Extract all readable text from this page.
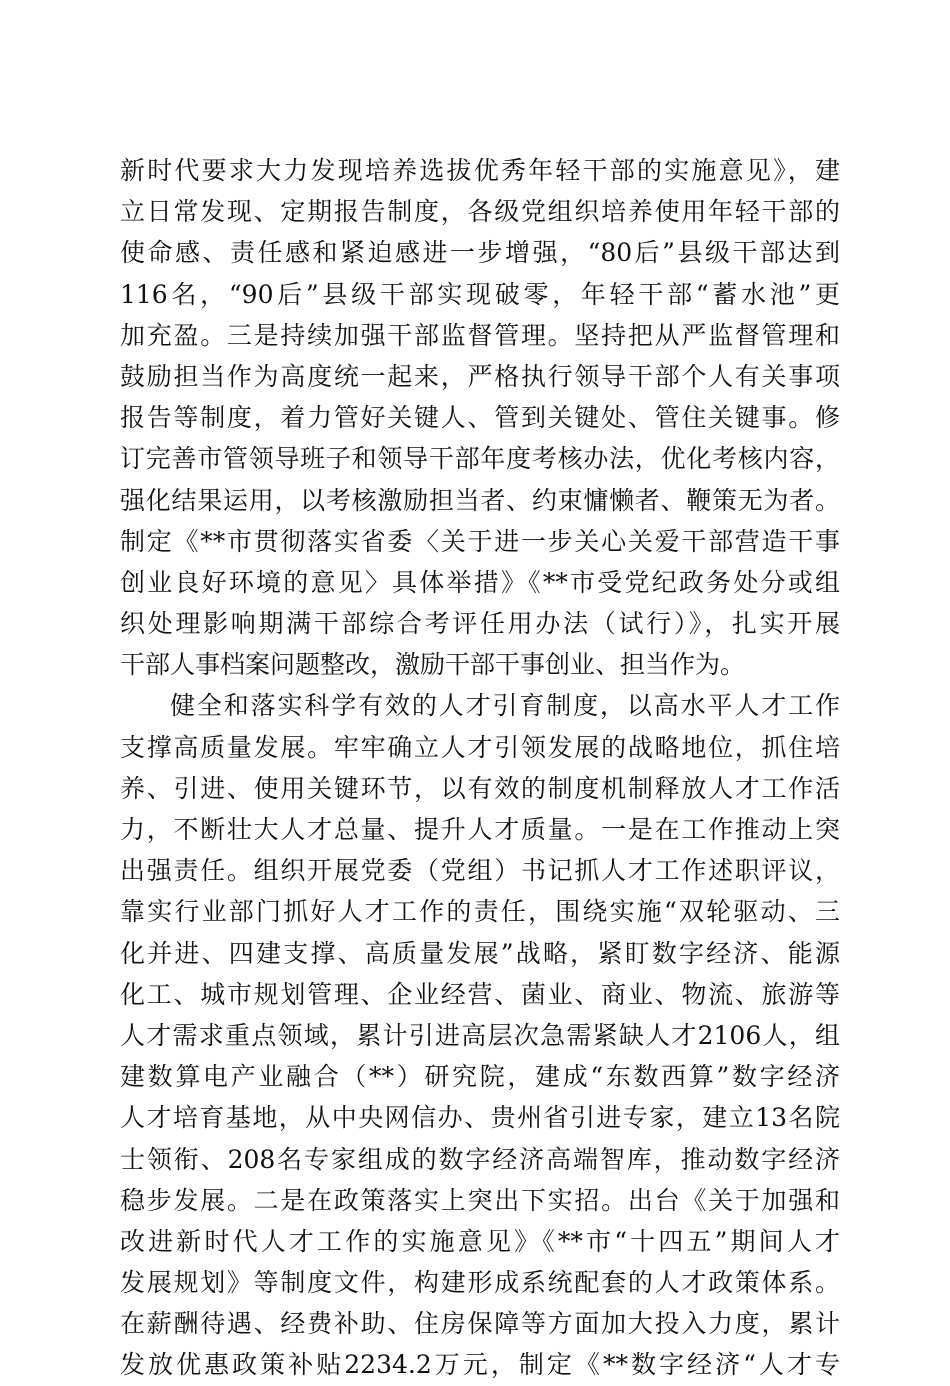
新时代要求大力发现培养选拔优秀年轻干部的实施意见》，建
立日常发现、定期报告制度，各级党组织培养使用年轻干部的
使命感、责任感和紧迫感进一步增强，“80后”县级干部达到
116名，“90后”县级干部实现破零，年轻干部“蓄水池”更
加充盈。三是持续加强干部监督管理。坚持把从严监督管理和
鼓励担当作为高度统一起来，严格执行领导干部个人有关事项
报告等制度，着力管好关键人、管到关键处、管住关键事。修
订完善市管领导班子和领导干部年度考核办法，优化考核内容，
强化结果运用，以考核激励担当者、约束慵懒者、鞭策无为者。
制定《**市贯彻落实省委〈关于进一步关心关爱干部营造干事
创业良好环境的意见〉具体举措》《**市受党纪政务处分或组
织处理影响期满干部综合考评任用办法（试行）》，扎实开展
干部人事档案问题整改，激励干部干事创业、担当作为。
健全和落实科学有效的人才引育制度，以高水平人才工作
支撑高质量发展。牢牢确立人才引领发展的战略地位，抓住培
养、引进、使用关键环节，以有效的制度机制释放人才工作活
力，不断壮大人才总量、提升人才质量。一是在工作推动上突
出强责任。组织开展党委（党组）书记抓人才工作述职评议，
靠实行业部门抓好人才工作的责任，围绕实施“双轮驱动、三
化并进、四建支撑、高质量发展”战略，紧盯数字经济、能源
化工、城市规划管理、企业经营、菌业、商业、物流、旅游等
人才需求重点领域，累计引进高层次急需紧缺人才2106人，组
建数算电产业融合（**）研究院，建成“东数西算”数字经济
人才培育基地，从中央网信办、贵州省引进专家，建立13名院
士领衔、208名专家组成的数字经济高端智库，推动数字经济
稳步发展。二是在政策落实上突出下实招。出台《关于加强和
改进新时代人才工作的实施意见》《**市“十四五”期间人才
发展规划》等制度文件，构建形成系统配套的人才政策体系。
在薪酬待遇、经费补助、住房保障等方面加大投入力度，累计
发放优惠政策补贴2234.2万元，制定《**数字经济“人才专
